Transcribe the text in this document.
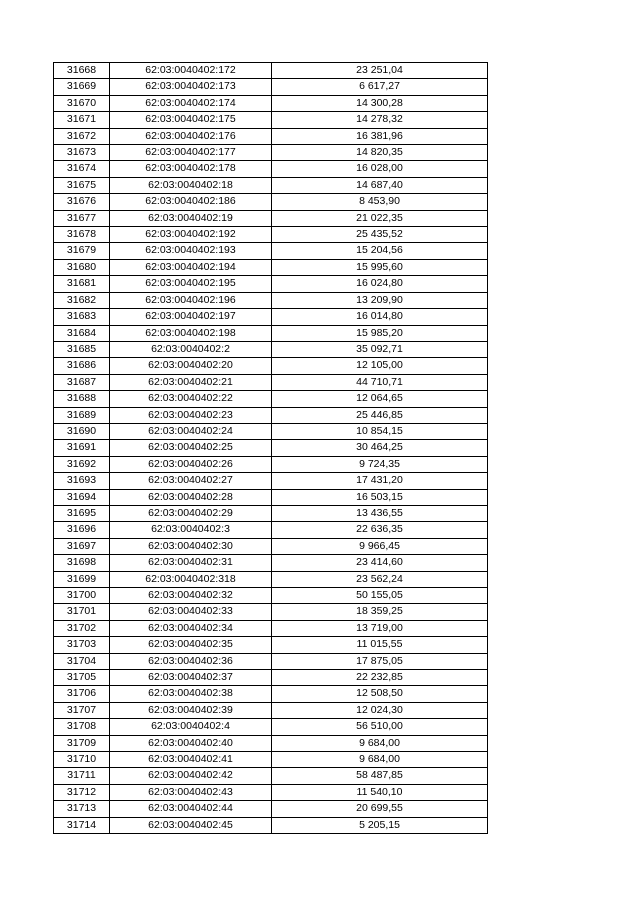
31668	62:03:0040402:172	23 251,04
31669	62:03:0040402:173	6 617,27
31670	62:03:0040402:174	14 300,28
31671	62:03:0040402:175	14 278,32
31672	62:03:0040402:176	16 381,96
31673	62:03:0040402:177	14 820,35
31674	62:03:0040402:178	16 028,00
31675	62:03:0040402:18	14 687,40
31676	62:03:0040402:186	8 453,90
31677	62:03:0040402:19	21 022,35
31678	62:03:0040402:192	25 435,52
31679	62:03:0040402:193	15 204,56
31680	62:03:0040402:194	15 995,60
31681	62:03:0040402:195	16 024,80
31682	62:03:0040402:196	13 209,90
31683	62:03:0040402:197	16 014,80
31684	62:03:0040402:198	15 985,20
31685	62:03:0040402:2	35 092,71
31686	62:03:0040402:20	12 105,00
31687	62:03:0040402:21	44 710,71
31688	62:03:0040402:22	12 064,65
31689	62:03:0040402:23	25 446,85
31690	62:03:0040402:24	10 854,15
31691	62:03:0040402:25	30 464,25
31692	62:03:0040402:26	9 724,35
31693	62:03:0040402:27	17 431,20
31694	62:03:0040402:28	16 503,15
31695	62:03:0040402:29	13 436,55
31696	62:03:0040402:3	22 636,35
31697	62:03:0040402:30	9 966,45
31698	62:03:0040402:31	23 414,60
31699	62:03:0040402:318	23 562,24
31700	62:03:0040402:32	50 155,05
31701	62:03:0040402:33	18 359,25
31702	62:03:0040402:34	13 719,00
31703	62:03:0040402:35	11 015,55
31704	62:03:0040402:36	17 875,05
31705	62:03:0040402:37	22 232,85
31706	62:03:0040402:38	12 508,50
31707	62:03:0040402:39	12 024,30
31708	62:03:0040402:4	56 510,00
31709	62:03:0040402:40	9 684,00
31710	62:03:0040402:41	9 684,00
31711	62:03:0040402:42	58 487,85
31712	62:03:0040402:43	11 540,10
31713	62:03:0040402:44	20 699,55
31714	62:03:0040402:45	5 205,15
